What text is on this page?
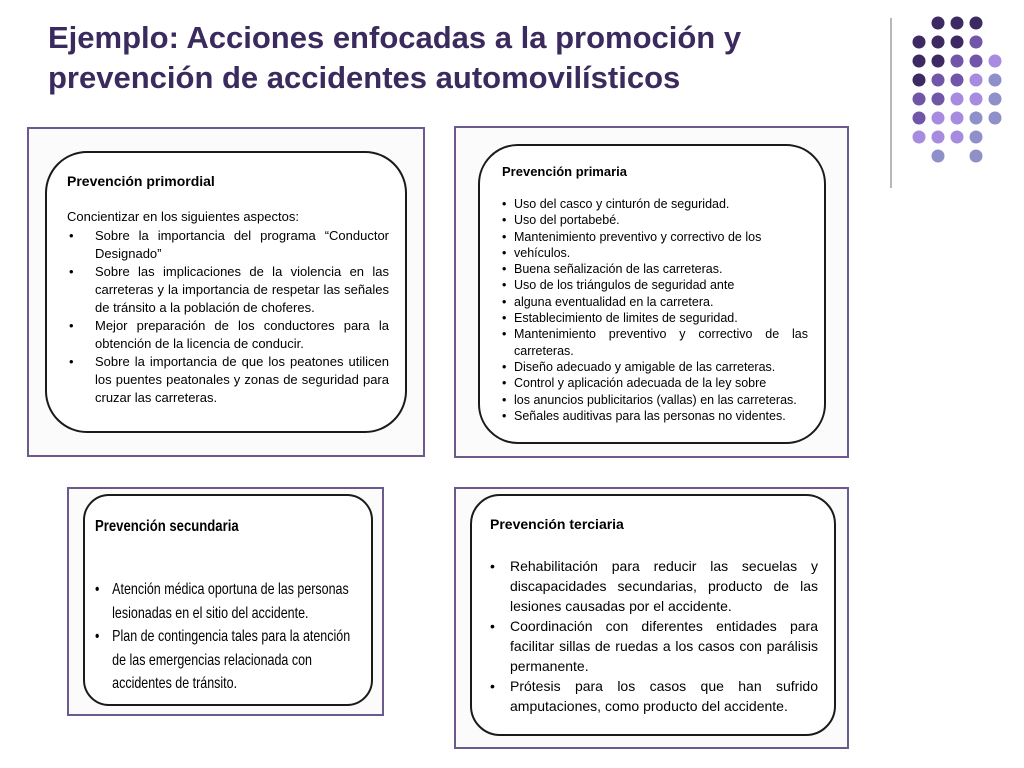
Ejemplo: Acciones enfocadas a la promoción y
prevención de accidentes automovilísticos

Prevención primordial

Concientizar en los siguientes aspectos:

• Sobre la importancia del programa “Conductor Designado”
• Sobre las implicaciones de la violencia en las carreteras y la importancia de respetar las señales de tránsito a la población de choferes.
• Mejor preparación de los conductores para la obtención de la licencia de conducir.
• Sobre la importancia de que los peatones utilicen los puentes peatonales y zonas de seguridad para cruzar las carreteras.

Prevención primaria

• Uso del casco y cinturón de seguridad.
• Uso del portabebé.
• Mantenimiento preventivo y correctivo de los
• vehículos.
• Buena señalización de las carreteras.
• Uso de los triángulos de seguridad ante
• alguna eventualidad en la carretera.
• Establecimiento de limites de seguridad.
• Mantenimiento preventivo y correctivo de las carreteras.
• Diseño adecuado y amigable de las carreteras.
• Control y aplicación adecuada de la ley sobre
• los anuncios publicitarios (vallas) en las carreteras.
• Señales auditivas para las personas no videntes.

Prevención secundaria

• Atención médica oportuna de las personas lesionadas en el sitio del accidente.
• Plan de contingencia tales para la atención de las emergencias relacionada con accidentes de tránsito.

Prevención terciaria

• Rehabilitación para reducir las secuelas y discapacidades secundarias, producto de las lesiones causadas por el accidente.
• Coordinación con diferentes entidades para facilitar sillas de ruedas a los casos con parálisis permanente.
• Prótesis para los casos que han sufrido amputaciones, como producto del accidente.
